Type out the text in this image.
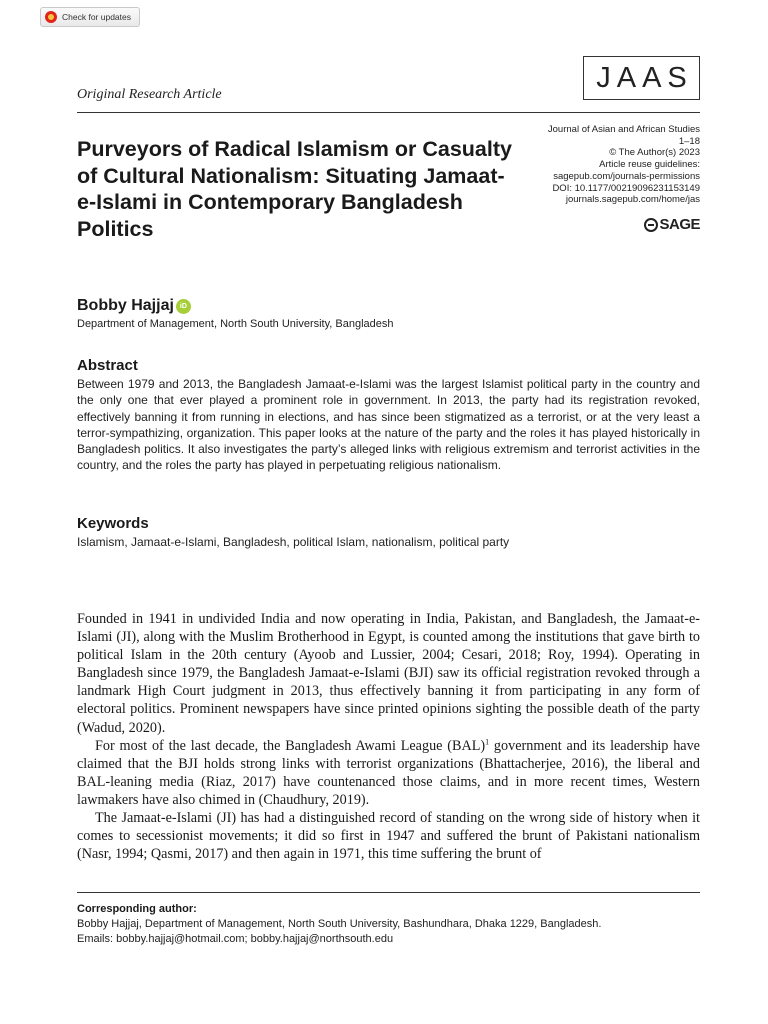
Check for updates
Original Research Article
JAAS
Purveyors of Radical Islamism or Casualty of Cultural Nationalism: Situating Jamaat-e-Islami in Contemporary Bangladesh Politics
Journal of Asian and African Studies
1–18
© The Author(s) 2023
Article reuse guidelines:
sagepub.com/journals-permissions
DOI: 10.1177/00219096231153149
journals.sagepub.com/home/jas
SAGE
Bobby Hajjaj iD
Department of Management, North South University, Bangladesh
Abstract

Between 1979 and 2013, the Bangladesh Jamaat-e-Islami was the largest Islamist political party in the country and the only one that ever played a prominent role in government. In 2013, the party had its registration revoked, effectively banning it from running in elections, and has since been stigmatized as a terrorist, or at the very least a terror-sympathizing, organization. This paper looks at the nature of the party and the roles it has played historically in Bangladesh politics. It also investigates the party’s alleged links with religious extremism and terrorist activities in the country, and the roles the party has played in perpetuating religious nationalism.

Keywords
Islamism, Jamaat-e-Islami, Bangladesh, political Islam, nationalism, political party

Founded in 1941 in undivided India and now operating in India, Pakistan, and Bangladesh, the Jamaat-e-Islami (JI), along with the Muslim Brotherhood in Egypt, is counted among the institutions that gave birth to political Islam in the 20th century (Ayoob and Lussier, 2004; Cesari, 2018; Roy, 1994). Operating in Bangladesh since 1979, the Bangladesh Jamaat-e-Islami (BJI) saw its official registration revoked through a landmark High Court judgment in 2013, thus effectively banning it from participating in any form of electoral politics. Prominent newspapers have since printed opinions sighting the possible death of the party (Wadud, 2020).

For most of the last decade, the Bangladesh Awami League (BAL)$^1$ government and its leadership have claimed that the BJI holds strong links with terrorist organizations (Bhattacherjee, 2016), the liberal and BAL-leaning media (Riaz, 2017) have countenanced those claims, and in more recent times, Western lawmakers have also chimed in (Chaudhury, 2019).

The Jamaat-e-Islami (JI) has had a distinguished record of standing on the wrong side of history when it comes to secessionist movements; it did so first in 1947 and suffered the brunt of Pakistani nationalism (Nasr, 1994; Qasmi, 2017) and then again in 1971, this time suffering the brunt of

Corresponding author:
Bobby Hajjaj, Department of Management, North South University, Bashundhara, Dhaka 1229, Bangladesh.
Emails: bobby.hajjaj@hotmail.com; bobby.hajjaj@northsouth.edu
